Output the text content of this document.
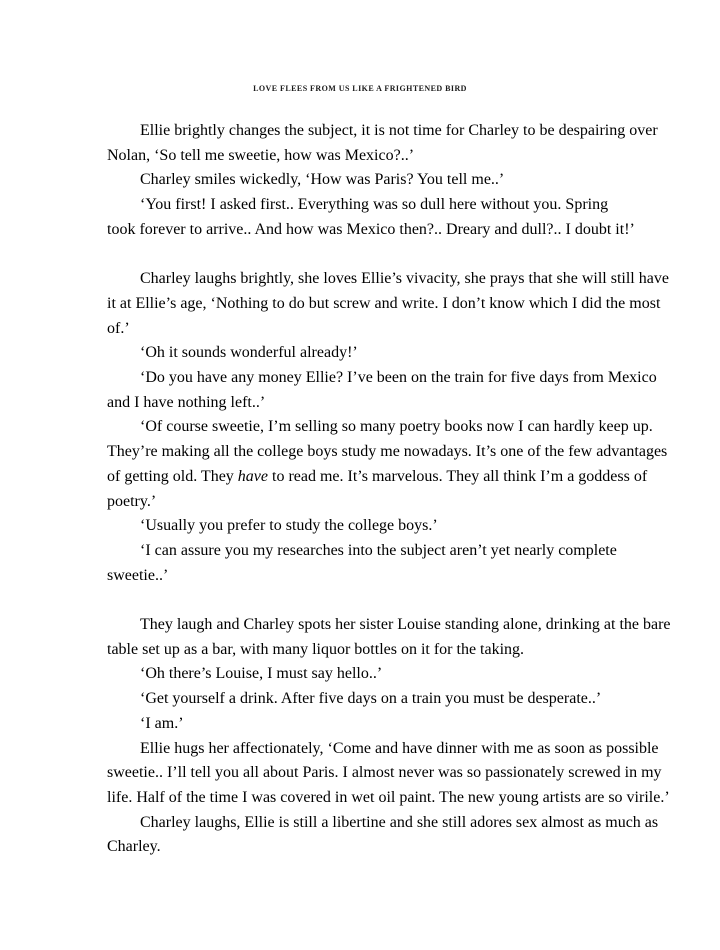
LOVE FLEES FROM US LIKE A FRIGHTENED BIRD

Ellie brightly changes the subject, it is not time for Charley to be despairing over
Nolan, ‘So tell me sweetie, how was Mexico?..’

Charley smiles wickedly, ‘How was Paris? You tell me..’

‘You first! I asked first.. Everything was so dull here without you. Spring
took forever to arrive.. And how was Mexico then?.. Dreary and dull?.. I doubt it!’

Charley laughs brightly, she loves Ellie’s vivacity, she prays that she will still have
it at Ellie’s age, ‘Nothing to do but screw and write. I don’t know which I did the most
of.’

‘Oh it sounds wonderful already!’

‘Do you have any money Ellie? I’ve been on the train for five days from Mexico
and I have nothing left..’

‘Of course sweetie, I’m selling so many poetry books now I can hardly keep up.
They’re making all the college boys study me nowadays. It’s one of the few advantages
of getting old. They have to read me. It’s marvelous. They all think I’m a goddess of
poetry.’

‘Usually you prefer to study the college boys.’

‘I can assure you my researches into the subject aren’t yet nearly complete
sweetie..’

They laugh and Charley spots her sister Louise standing alone, drinking at the bare
table set up as a bar, with many liquor bottles on it for the taking.

‘Oh there’s Louise, I must say hello..’

‘Get yourself a drink. After five days on a train you must be desperate..’

‘I am.’

Ellie hugs her affectionately, ‘Come and have dinner with me as soon as possible
sweetie.. I’ll tell you all about Paris. I almost never was so passionately screwed in my
life. Half of the time I was covered in wet oil paint. The new young artists are so virile.’

Charley laughs, Ellie is still a libertine and she still adores sex almost as much as
Charley.
